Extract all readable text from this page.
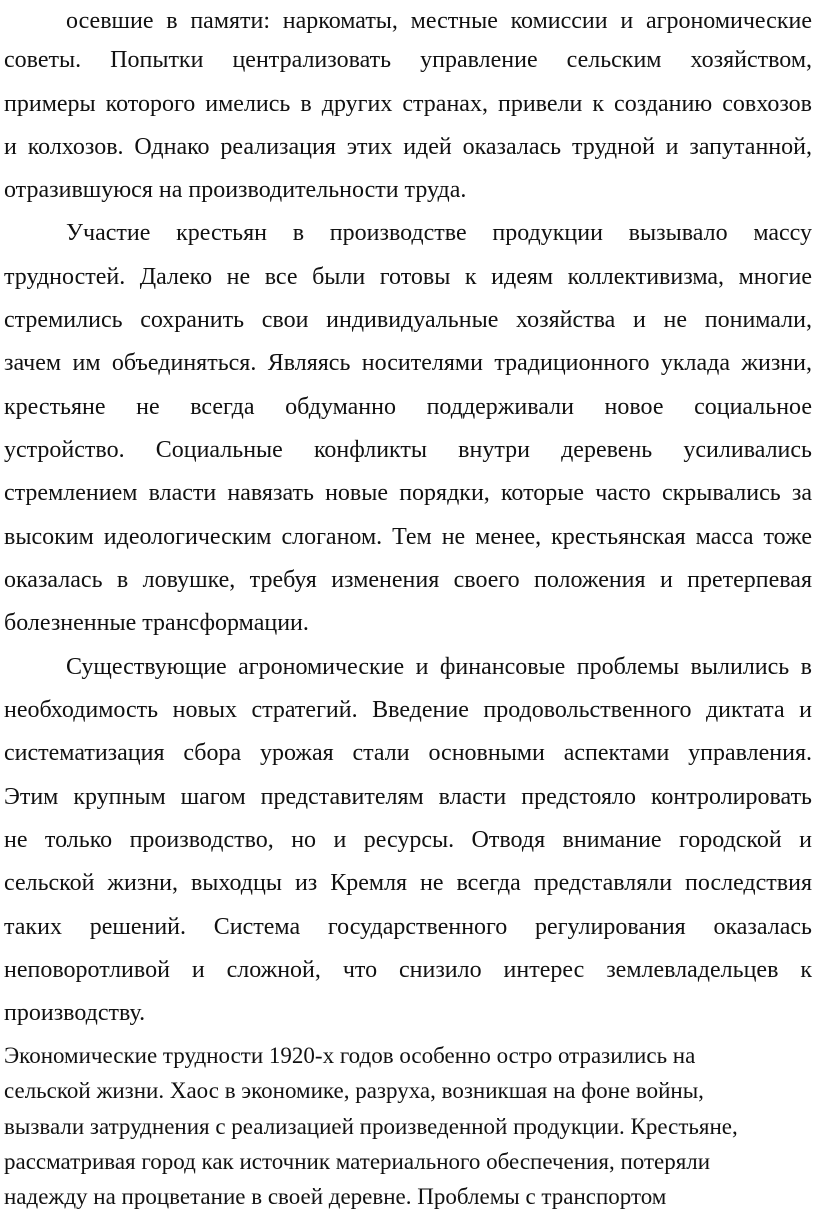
осевшие в памяти: наркоматы, местные комиссии и агрономические
советы. Попытки централизовать управление сельским хозяйством,
примеры которого имелись в других странах, привели к созданию совхозов
и колхозов. Однако реализация этих идей оказалась трудной и запутанной,
отразившуюся на производительности труда.
Участие крестьян в производстве продукции вызывало массу
трудностей. Далеко не все были готовы к идеям коллективизма, многие
стремились сохранить свои индивидуальные хозяйства и не понимали,
зачем им объединяться. Являясь носителями традиционного уклада жизни,
крестьяне не всегда обдуманно поддерживали новое социальное
устройство. Социальные конфликты внутри деревень усиливались
стремлением власти навязать новые порядки, которые часто скрывались за
высоким идеологическим слоганом. Тем не менее, крестьянская масса тоже
оказалась в ловушке, требуя изменения своего положения и претерпевая
болезненные трансформации.
Существующие агрономические и финансовые проблемы вылились в
необходимость новых стратегий. Введение продовольственного диктата и
систематизация сбора урожая стали основными аспектами управления.
Этим крупным шагом представителям власти предстояло контролировать
не только производство, но и ресурсы. Отводя внимание городской и
сельской жизни, выходцы из Кремля не всегда представляли последствия
таких решений. Система государственного регулирования оказалась
неповоротливой и сложной, что снизило интерес землевладельцев к
производству.
Экономические трудности 1920-х годов особенно остро отразились на
сельской жизни. Хаос в экономике, разруха, возникшая на фоне войны,
вызвали затруднения с реализацией произведенной продукции. Крестьяне,
рассматривая город как источник материального обеспечения, потеряли
надежду на процветание в своей деревне. Проблемы с транспортом
